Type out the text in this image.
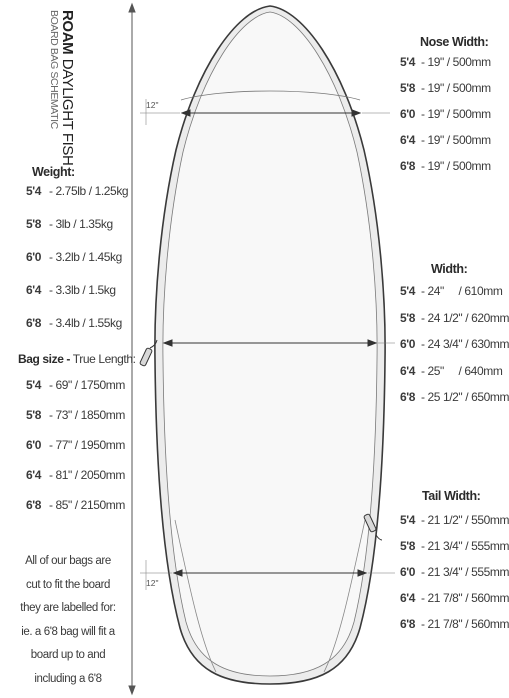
12"
12"
ROAM DAYLIGHT FISH
BOARD BAG SCHEMATIC
Weight:
5'4 - 2.75lb / 1.25kg
5'8 - 3lb / 1.35kg
6'0 - 3.2lb / 1.45kg
6'4 - 3.3lb / 1.5kg
6'8 - 3.4lb / 1.55kg
Bag size - True Length:
5'4 - 69" / 1750mm
5'8 - 73" / 1850mm
6'0 - 77" / 1950mm
6'4 - 81" / 2050mm
6'8 - 85" / 2150mm
All of our bags are
cut to fit the board
they are labelled for:
ie. a 6'8 bag will fit a
board up to and
including a 6'8
Nose Width:
5'4 - 19" / 500mm
5'8 - 19" / 500mm
6'0 - 19" / 500mm
6'4 - 19" / 500mm
6'8 - 19" / 500mm
Width:
5'4 - 24"     / 610mm
5'8 - 24 1/2" / 620mm
6'0 - 24 3/4" / 630mm
6'4 - 25"     / 640mm
6'8 - 25 1/2" / 650mm
Tail Width:
5'4 - 21 1/2" / 550mm
5'8 - 21 3/4" / 555mm
6'0 - 21 3/4" / 555mm
6'4 - 21 7/8" / 560mm
6'8 - 21 7/8" / 560mm
